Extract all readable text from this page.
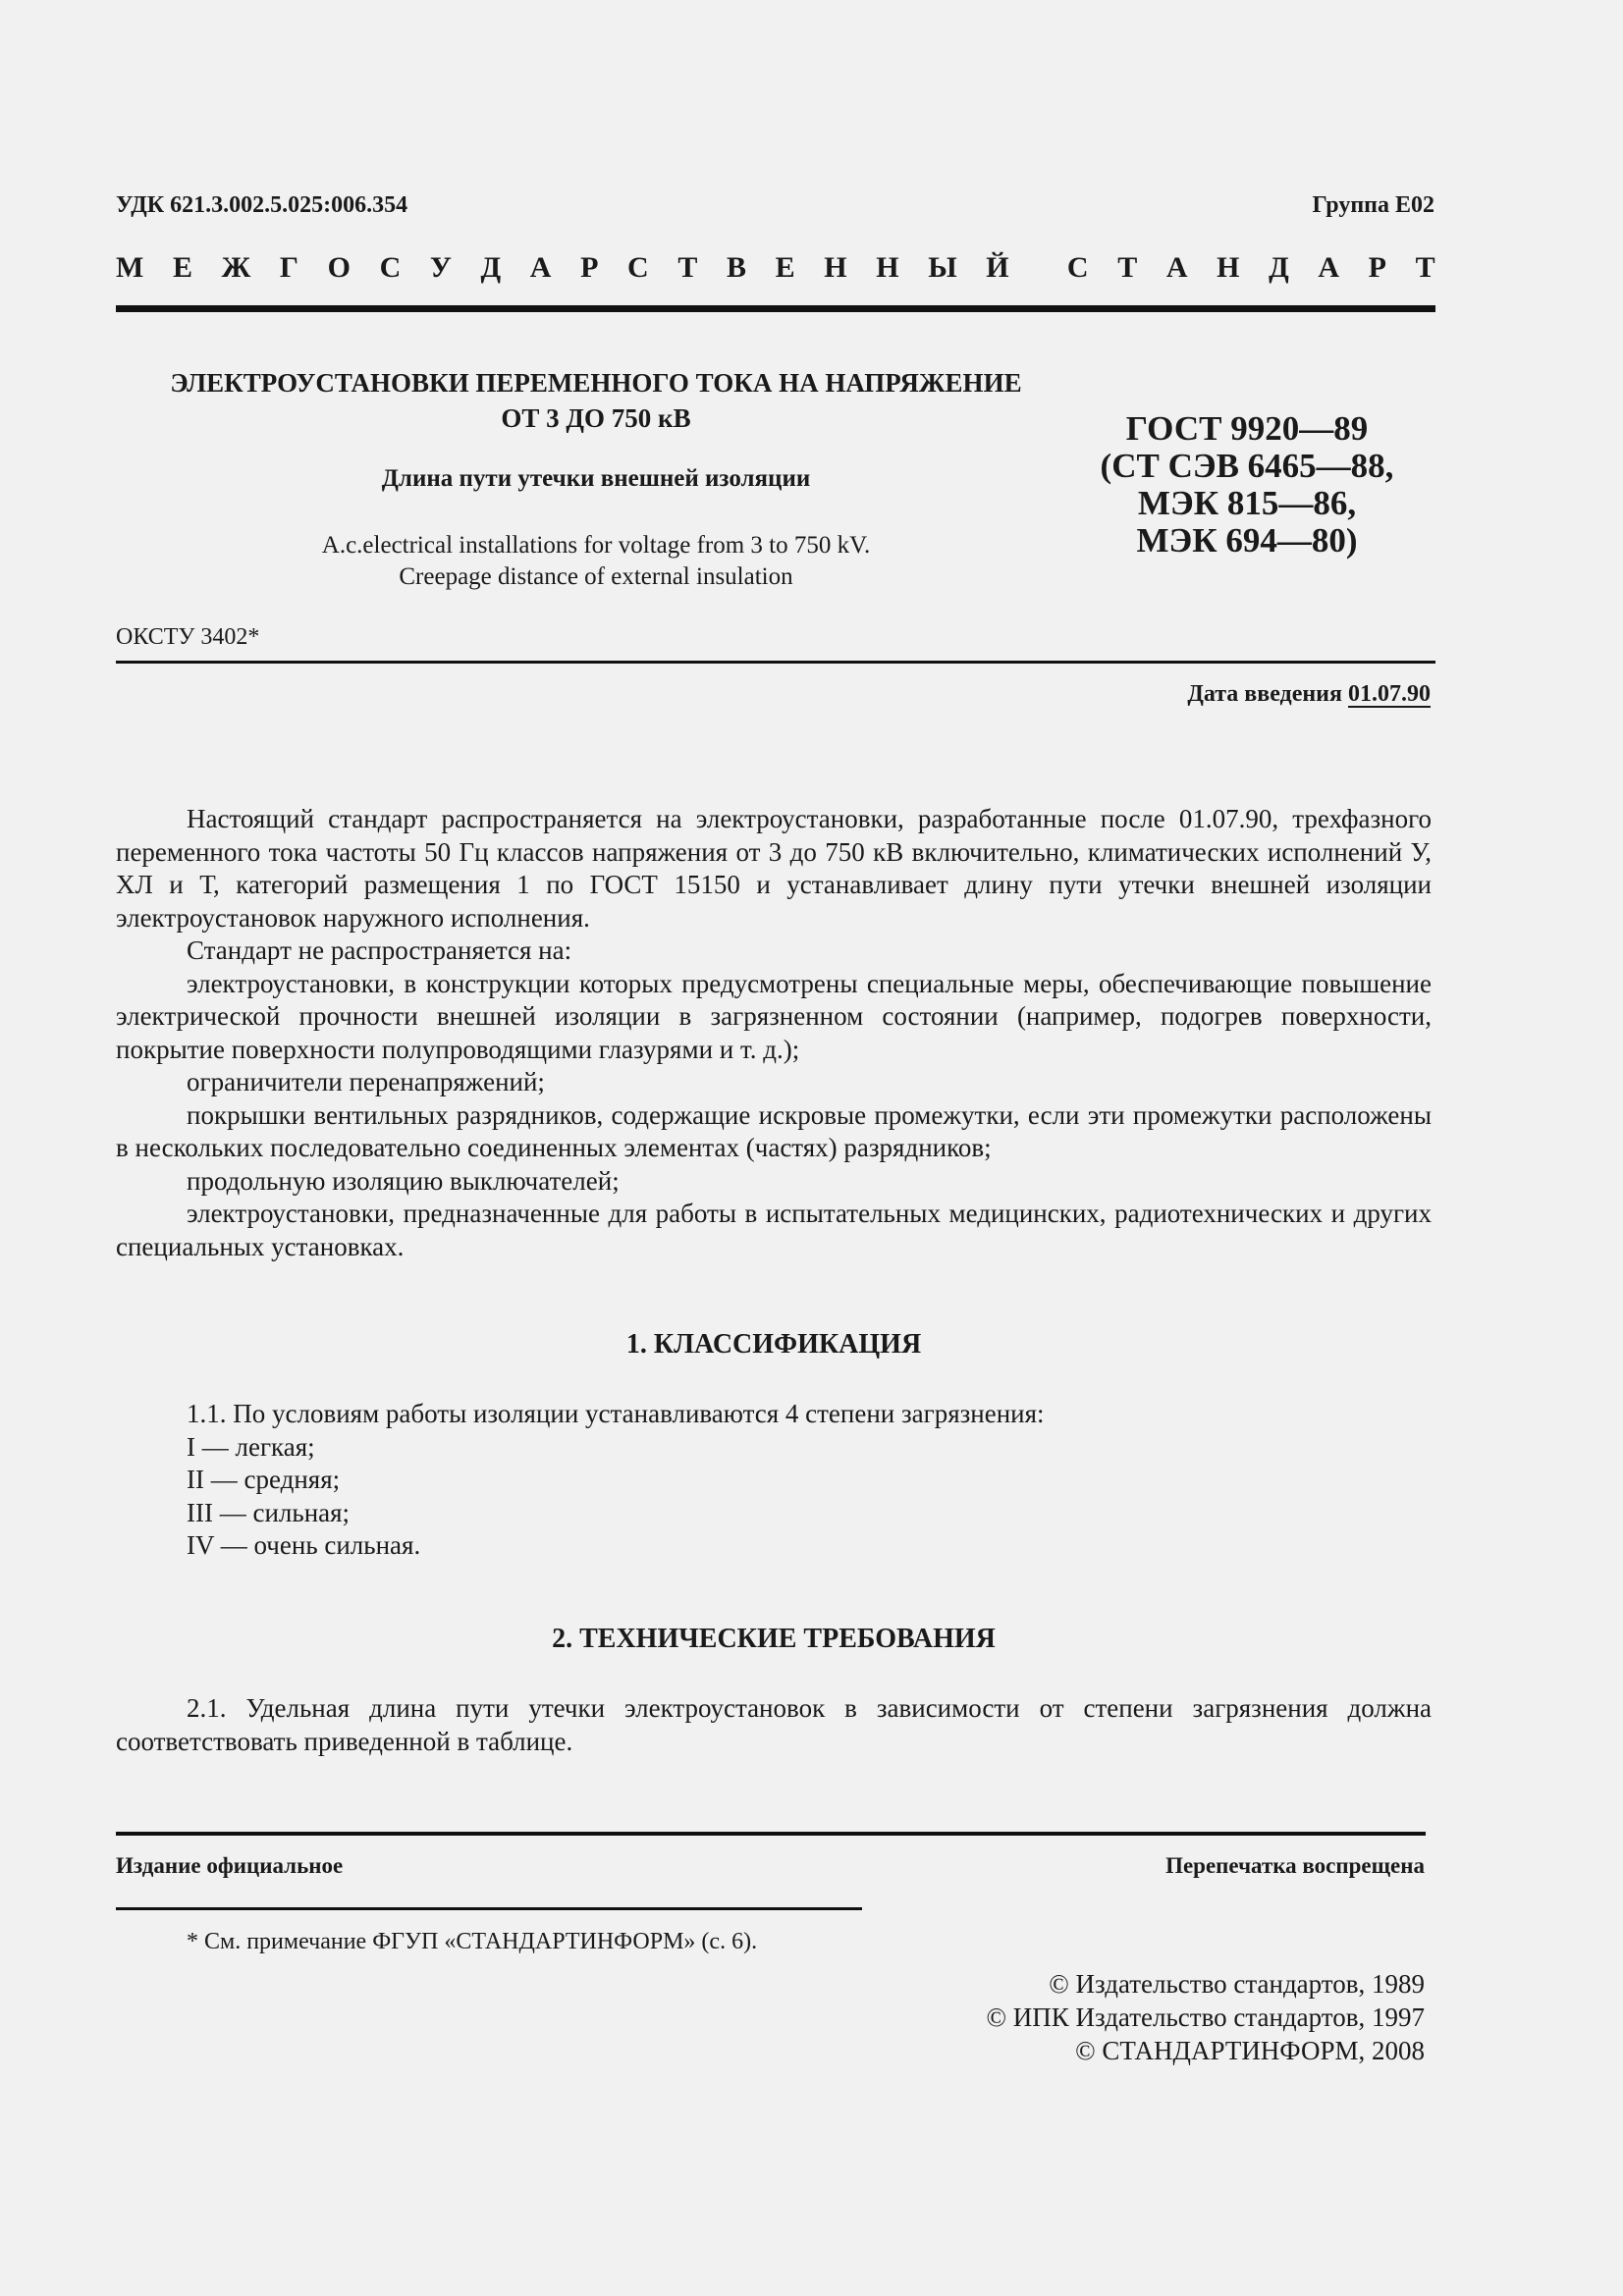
УДК 621.3.002.5.025:006.354	Группа Е02
М Е Ж Г О С У Д А Р С Т В Е Н Н Ы Й С Т А Н Д А Р Т
ЭЛЕКТРОУСТАНОВКИ ПЕРЕМЕННОГО ТОКА НА НАПРЯЖЕНИЕ
ОТ 3 ДО 750 кВ
Длина пути утечки внешней изоляции
A.c.electrical installations for voltage from 3 to 750 kV.
Creepage distance of external insulation
ГОСТ 9920—89
(СТ СЭВ 6465—88,
МЭК 815—86,
МЭК 694—80)
ОКСТУ 3402*
Дата введения 01.07.90

Настоящий стандарт распространяется на электроустановки, разработанные после 01.07.90, трехфазного переменного тока частоты 50 Гц классов напряжения от 3 до 750 кВ включительно, климатических исполнений У, ХЛ и Т, категорий размещения 1 по ГОСТ 15150 и устанавливает длину пути утечки внешней изоляции электроустановок наружного исполнения.

Стандарт не распространяется на:

электроустановки, в конструкции которых предусмотрены специальные меры, обеспечивающие повышение электрической прочности внешней изоляции в загрязненном состоянии (например, подогрев поверхности, покрытие поверхности полупроводящими глазурями и т. д.);

ограничители перенапряжений;

покрышки вентильных разрядников, содержащие искровые промежутки, если эти промежутки расположены в нескольких последовательно соединенных элементах (частях) разрядников;

продольную изоляцию выключателей;

электроустановки, предназначенные для работы в испытательных медицинских, радиотехнических и других специальных установках.

1. КЛАССИФИКАЦИЯ

1.1. По условиям работы изоляции устанавливаются 4 степени загрязнения:

I — легкая;

II — средняя;

III — сильная;

IV — очень сильная.

2. ТЕХНИЧЕСКИЕ ТРЕБОВАНИЯ

2.1. Удельная длина пути утечки электроустановок в зависимости от степени загрязнения должна соответствовать приведенной в таблице.

Издание официальное	Перепечатка воспрещена
* См. примечание ФГУП «СТАНДАРТИНФОРМ» (с. 6).
© Издательство стандартов, 1989
© ИПК Издательство стандартов, 1997
© СТАНДАРТИНФОРМ, 2008
